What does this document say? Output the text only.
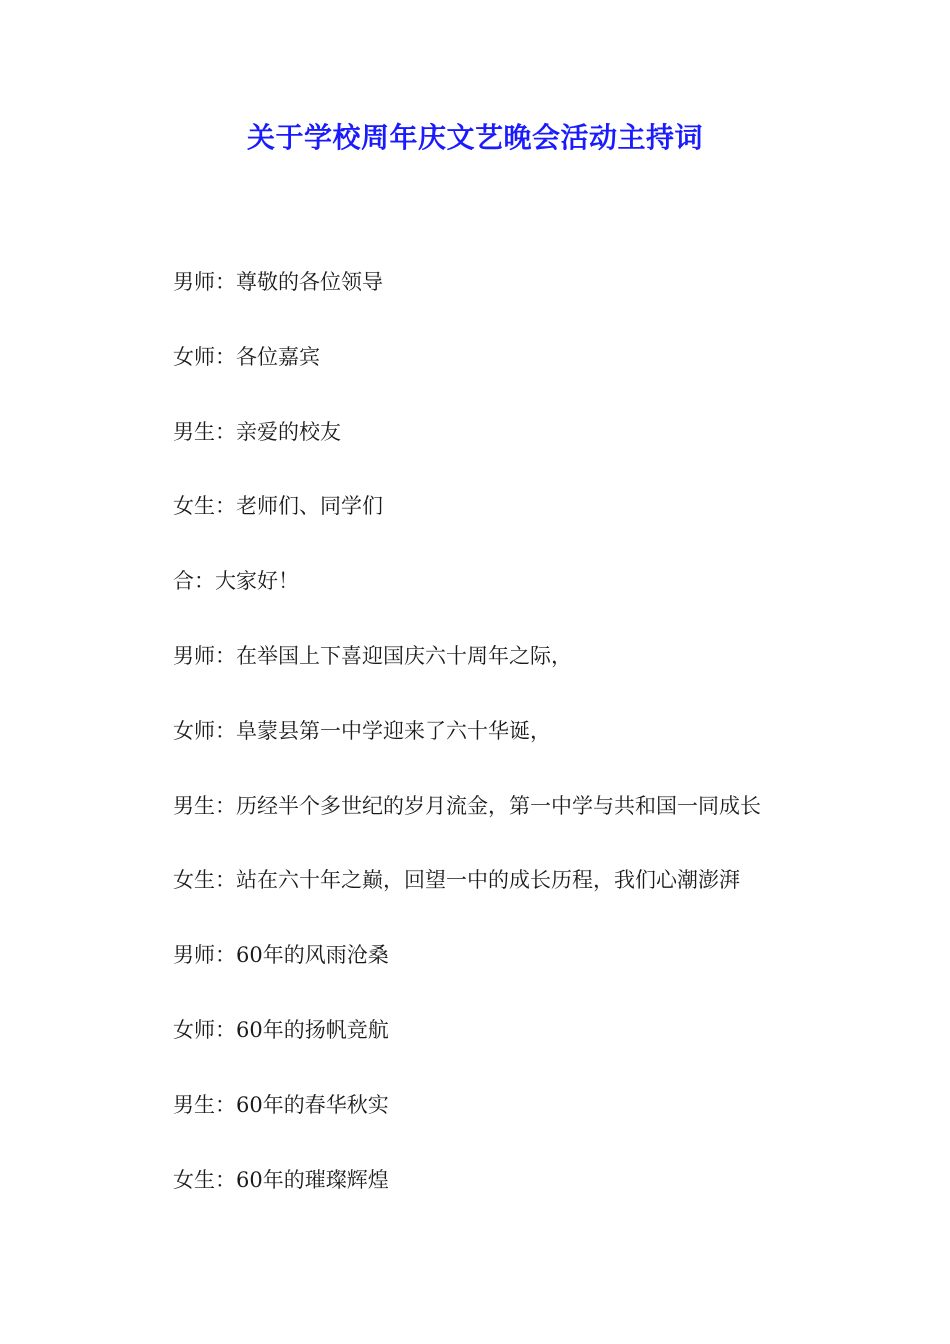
关于学校周年庆文艺晚会活动主持词
男师：尊敬的各位领导
女师：各位嘉宾
男生：亲爱的校友
女生：老师们、同学们
合：大家好！
男师：在举国上下喜迎国庆六十周年之际，
女师：阜蒙县第一中学迎来了六十华诞，
男生：历经半个多世纪的岁月流金，第一中学与共和国一同成长
女生：站在六十年之巅，回望一中的成长历程，我们心潮澎湃
男师：60年的风雨沧桑
女师：60年的扬帆竞航
男生：60年的春华秋实
女生：60年的璀璨辉煌
